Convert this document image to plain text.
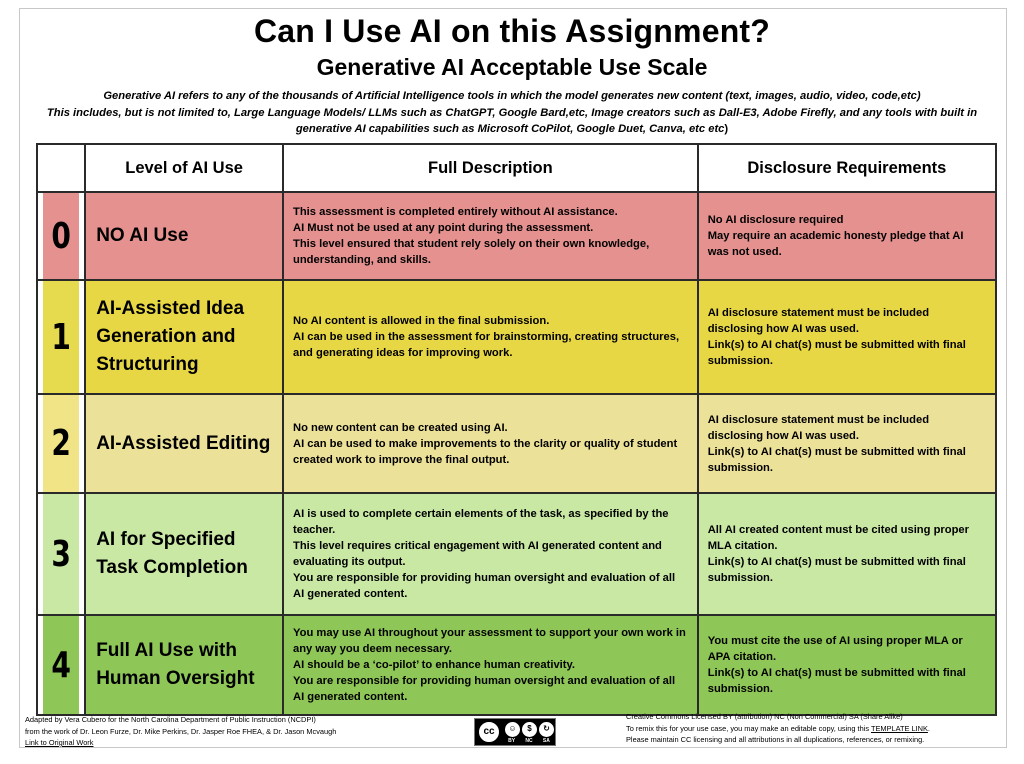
Can I Use AI on this Assignment?
Generative AI Acceptable Use Scale
Generative AI refers to any of the thousands of Artificial Intelligence tools in which the model generates new content (text, images, audio, video, code,etc)
This includes, but is not limited to, Large Language Models/ LLMs such as ChatGPT, Google Bard,etc, Image creators such as Dall-E3, Adobe Firefly, and any tools with built in
generative AI capabilities such as Microsoft CoPilot, Google Duet, Canva, etc etc)
	Level of AI Use	Full Description	Disclosure Requirements
0	NO AI Use	This assessment is completed entirely without AI assistance.
AI Must not be used at any point during the assessment.
This level ensured that student rely solely on their own knowledge, understanding, and skills.	No AI disclosure required
May require an academic honesty pledge that AI was not used.

1	AI-Assisted Idea Generation and Structuring	No AI content is allowed in the final submission.
AI can be used in the assessment for brainstorming, creating structures, and generating ideas for improving work.	AI disclosure statement must be included disclosing how AI was used.
Link(s) to AI chat(s) must be submitted with final submission.

2	AI-Assisted Editing	No new content can be created using AI.
AI can be used to make improvements to the clarity or quality of student created work to improve the final output.	AI disclosure statement must be included disclosing how AI was used.
Link(s) to AI chat(s) must be submitted with final submission.

3	AI for Specified Task Completion	AI is used to complete certain elements of the task, as specified by the teacher.
This level requires critical engagement with AI generated content and evaluating its output.
You are responsible for providing human oversight and evaluation of all AI generated content.	All AI created content must be cited using proper MLA citation.
Link(s) to AI chat(s) must be submitted with final submission.

4	Full AI Use with Human Oversight	You may use AI throughout your assessment to support your own work in any way you deem necessary.
AI should be a ‘co-pilot’ to enhance human creativity.
You are responsible for providing human oversight and evaluation of all AI generated content.	You must cite the use of AI using proper MLA or APA citation.
Link(s) to AI chat(s) must be submitted with final submission.
Adapted by Vera Cubero for the North Carolina Department of Public Instruction (NCDPI)
from the work of Dr. Leon Furze, Dr. Mike Perkins, Dr. Jasper Roe FHEA, & Dr. Jason Mcvaugh
Link to Original Work
cc	☺	$	↻
BY NC SA
Creative Commons Licensed BY (attribution) NC (Non Commercial) SA (Share Alike)
To remix this for your use case, you may make an editable copy, using this TEMPLATE LINK.
Please maintain CC licensing and all attributions in all duplications, references, or remixing.
